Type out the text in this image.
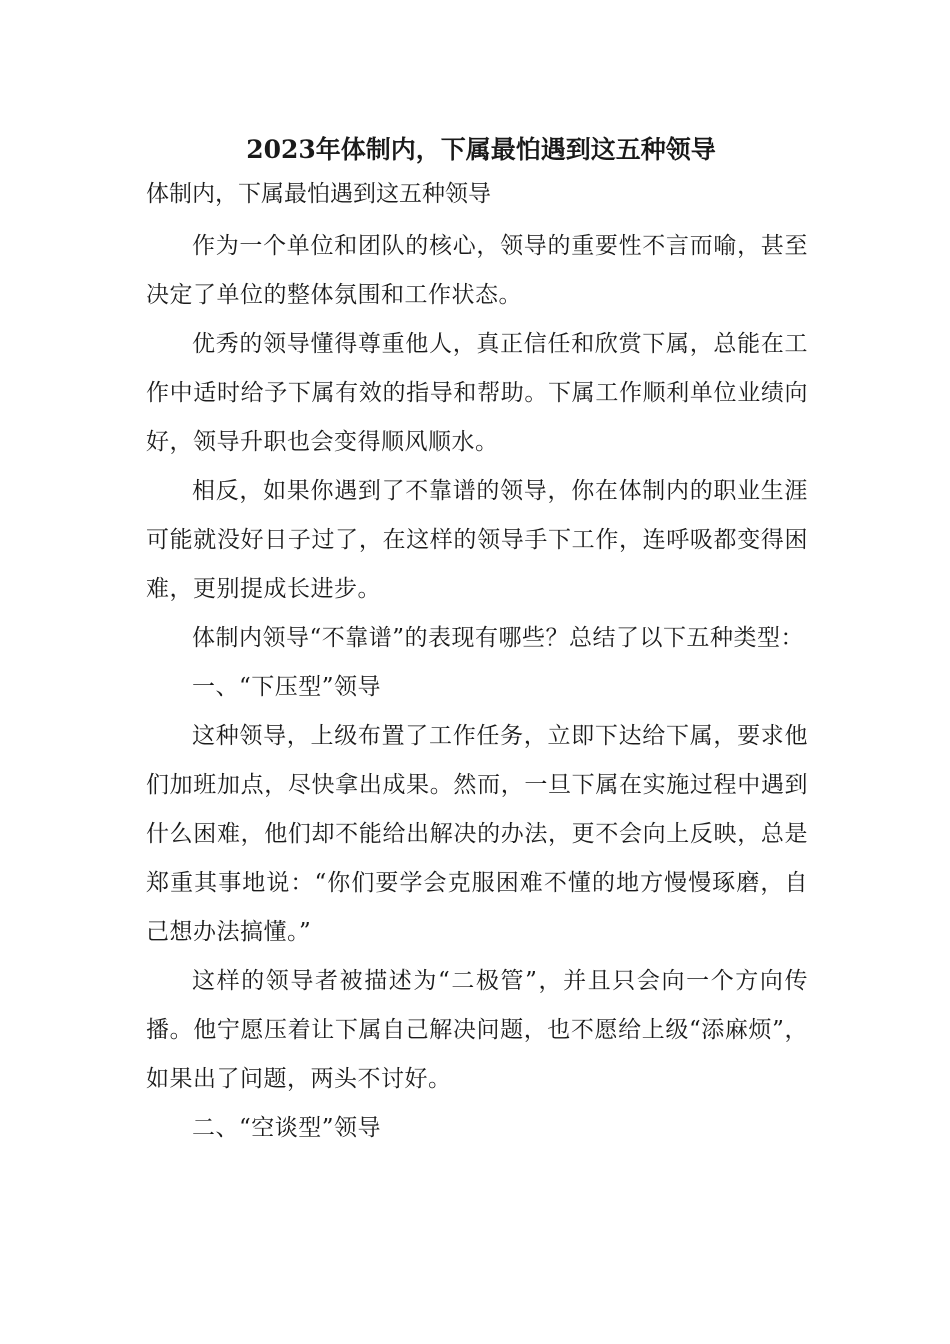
2023年体制内，下属最怕遇到这五种领导

体制内，下属最怕遇到这五种领导

作为一个单位和团队的核心，领导的重要性不言而喻，甚至决定了单位的整体氛围和工作状态。

优秀的领导懂得尊重他人，真正信任和欣赏下属，总能在工作中适时给予下属有效的指导和帮助。下属工作顺利单位业绩向好，领导升职也会变得顺风顺水。

相反，如果你遇到了不靠谱的领导，你在体制内的职业生涯可能就没好日子过了，在这样的领导手下工作，连呼吸都变得困难，更别提成长进步。

体制内领导“不靠谱”的表现有哪些？总结了以下五种类型：

一、“下压型”领导

这种领导，上级布置了工作任务，立即下达给下属，要求他们加班加点，尽快拿出成果。然而，一旦下属在实施过程中遇到什么困难，他们却不能给出解决的办法，更不会向上反映，总是郑重其事地说：“你们要学会克服困难不懂的地方慢慢琢磨，自己想办法搞懂。”

这样的领导者被描述为“二极管”，并且只会向一个方向传播。他宁愿压着让下属自己解决问题，也不愿给上级“添麻烦”，如果出了问题，两头不讨好。

二、“空谈型”领导
